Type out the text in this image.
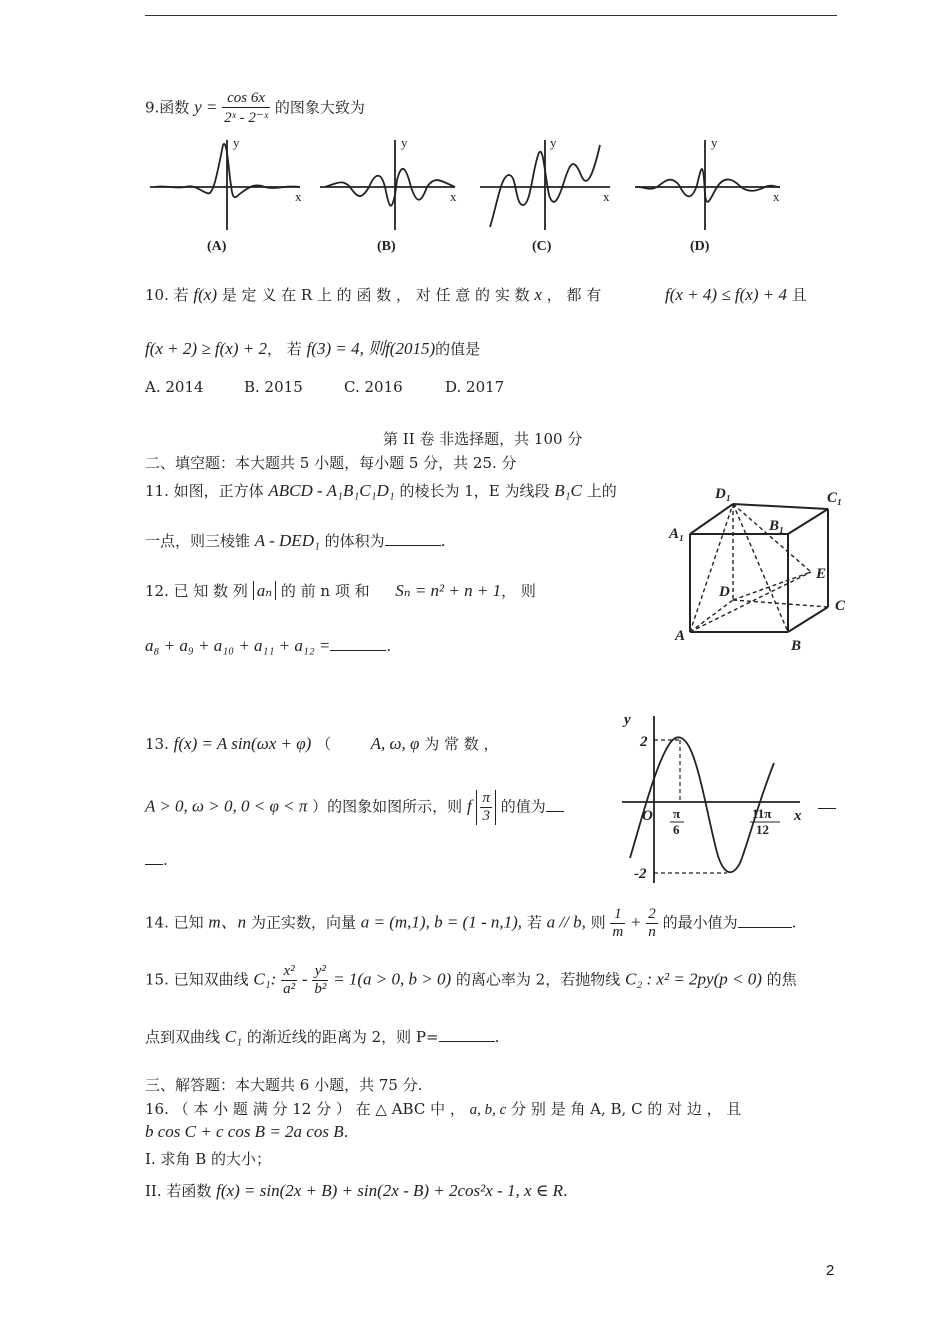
9.函数 $y = \frac{\cos 6x}{\text{2ˣ - 2⁻ˣ}}$ 的图象大致为
y
x
y
x
y
x
y
x
(A)	(B)	(C)	(D)
10. 若 f(x) 是 定 义 在 R 上 的 函 数 ， 对 任 意 的 实 数 x ， 都 有	f(x + 4) ≤ f(x) + 4 且
f(x + 2) ≥ f(x) + 2， 若 f(3) = 4, 则f(2015)的值是
A. 2014	B. 2015	C. 2016	D. 2017
第 II 卷 非选择题，共 100 分
二、填空题：本大题共 5 小题，每小题 5 分，共 25. 分
11. 如图，正方体 ABCD - A₁B₁C₁D₁ 的棱长为 1，E 为线段 B₁C 上的
一点，则三棱锥 A - DED₁ 的体积为	.
D₁	C₁
A₁	B₁
E
D
C
A
B
12. 已 知 数 列 aₙ 的 前 n 项 和 Sₙ = n² + n + 1， 则
a₈ + a₉ + a₁₀ + a₁₁ + a₁₂ =	.
13. f(x) = A sin(ωx + φ) （ A, ω, φ 为 常 数 ，
A > 0, ω > 0, 0 < φ < π ）的图象如图所示，则 f $\frac{\pi}{3}$ 的值为
.
y
x
2
-2
O π
6
11π
12
14. 已知 m、n 为正实数，向量 a = (m,1), b = (1 - n,1), 若 a // b, 则 $\frac{1}{m} + \frac{2}{n}$ 的最小值为	.
15. 已知双曲线 C₁: $\frac{\text{x²}}{\text{a²}} - \frac{\text{y²}}{\text{b²}} = 1(a > 0$, b > 0) 的离心率为 2，若抛物线 C₂ : x² = 2py(p < 0) 的焦
点到双曲线 C₁ 的渐近线的距离为 2，则 P=	.
三、解答题：本大题共 6 小题，共 75 分.
16. （ 本 小 题 满 分 12 分 ） 在 △ ABC 中 ， a, b, c 分 别 是 角 A, B, C 的 对 边 ， 且
b cos C + c cos B = 2a cos B.
I. 求角 B 的大小；
II. 若函数 f(x) = sin(2x + B) + sin(2x - B) + 2cos²x - 1, x ∈ R.
2
